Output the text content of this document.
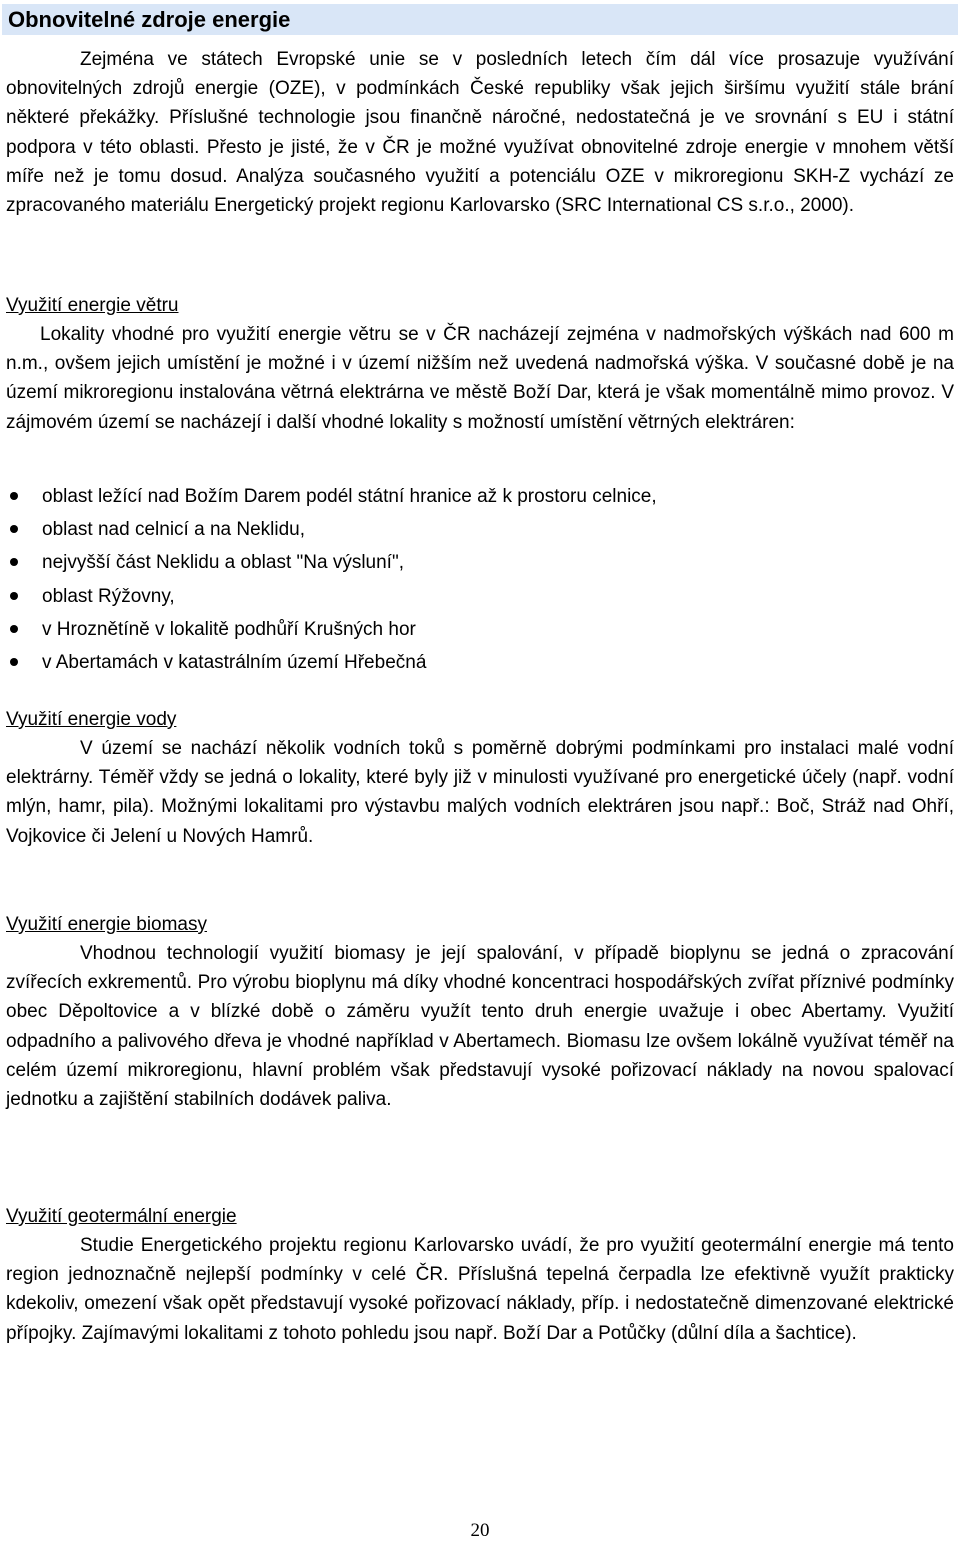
Obnovitelné zdroje energie

Zejména ve státech Evropské unie se v posledních letech čím dál více prosazuje využívání obnovitelných zdrojů energie (OZE), v podmínkách České republiky však jejich širšímu využití stále brání některé překážky. Příslušné technologie jsou finančně náročné, nedostatečná je ve srovnání s EU i státní podpora v této oblasti. Přesto je jisté, že v ČR je možné využívat obnovitelné zdroje energie v mnohem větší míře než je tomu dosud. Analýza současného využití a potenciálu OZE v mikroregionu SKH-Z vychází ze zpracovaného materiálu Energetický projekt regionu Karlovarsko (SRC International CS s.r.o., 2000).

Využití energie větru

Lokality vhodné pro využití energie větru se v ČR nacházejí zejména v nadmořských výškách nad 600 m n.m., ovšem jejich umístění je možné i v území nižším než uvedená nadmořská výška. V současné době je na území mikroregionu instalována větrná elektrárna ve městě Boží Dar, která je však momentálně mimo provoz. V zájmovém území se nacházejí i další vhodné lokality s možností umístění větrných elektráren:

oblast ležící nad Božím Darem podél státní hranice až k prostoru celnice,
oblast nad celnicí a na Neklidu,
nejvyšší část Neklidu a oblast "Na výsluní",
oblast Rýžovny,
v Hroznětíně v lokalitě podhůří Krušných hor
v Abertamách v katastrálním území Hřebečná
Využití energie vody

V území se nachází několik vodních toků s poměrně dobrými podmínkami pro instalaci malé vodní elektrárny. Téměř vždy se jedná o lokality, které byly již v minulosti využívané pro energetické účely (např. vodní mlýn, hamr, pila). Možnými lokalitami pro výstavbu malých vodních elektráren jsou např.: Boč, Stráž nad Ohří, Vojkovice či Jelení u Nových Hamrů.

Využití energie biomasy

Vhodnou technologií využití biomasy je její spalování, v případě bioplynu se jedná o zpracování zvířecích exkrementů. Pro výrobu bioplynu má díky vhodné koncentraci hospodářských zvířat příznivé podmínky obec Děpoltovice a v blízké době o záměru využít tento druh energie uvažuje i obec Abertamy. Využití odpadního a palivového dřeva je vhodné například v Abertamech. Biomasu lze ovšem lokálně využívat téměř na celém území mikroregionu, hlavní problém však představují vysoké pořizovací náklady na novou spalovací jednotku a zajištění stabilních dodávek paliva.

Využití geotermální energie

Studie Energetického projektu regionu Karlovarsko uvádí, že pro využití geotermální energie má tento region jednoznačně nejlepší podmínky v celé ČR. Příslušná tepelná čerpadla lze efektivně využít prakticky kdekoliv, omezení však opět představují vysoké pořizovací náklady, příp. i nedostatečně dimenzované elektrické přípojky. Zajímavými lokalitami z tohoto pohledu jsou např. Boží Dar a Potůčky (důlní díla a šachtice).

20
